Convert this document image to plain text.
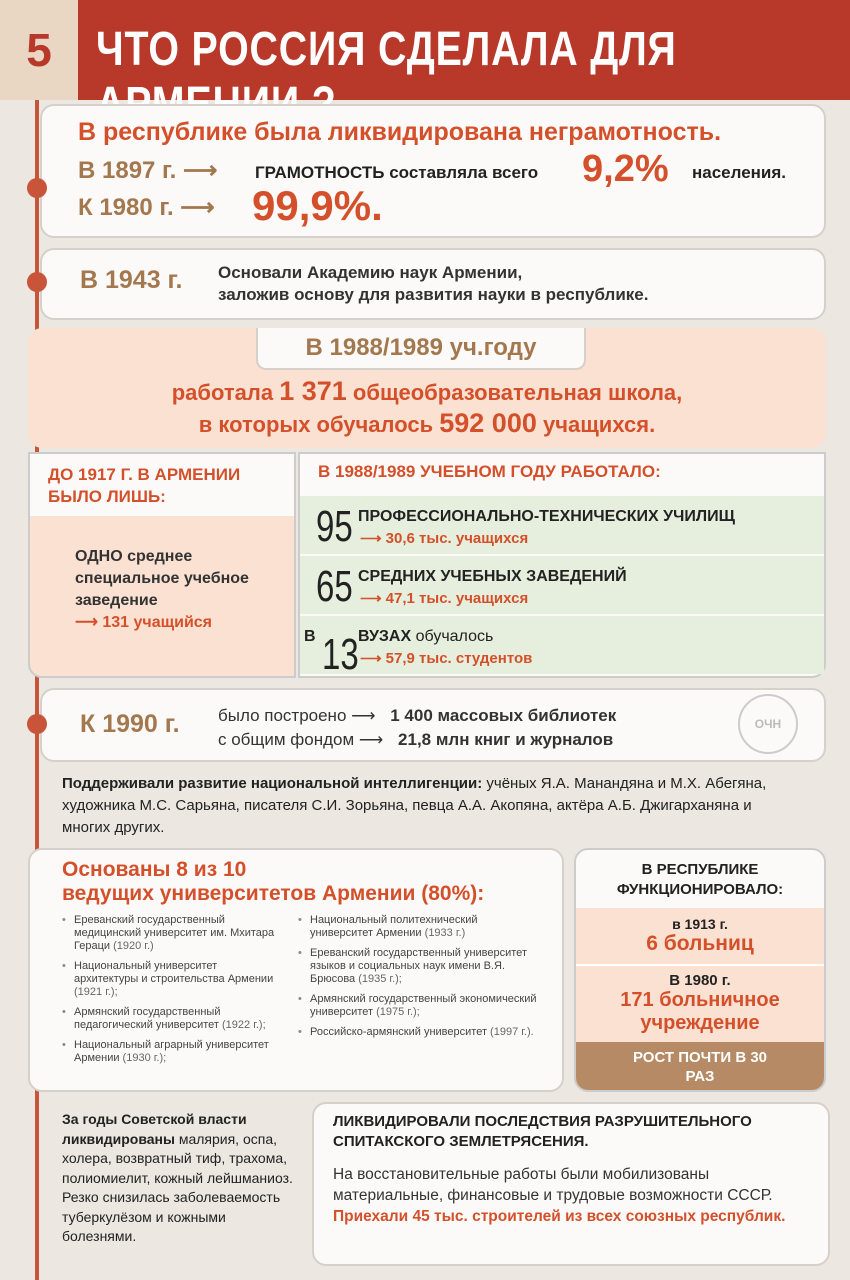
5 ЧТО РОССИЯ СДЕЛАЛА ДЛЯ
В республике была ликвидирована неграмотность.
В 1897 г. ⟶ ГРАМОТНОСТЬ составляла всего 9,2% населения.
К 1980 г. ⟶ 99,9%.
В 1943 г. Основали Академию наук Армении,
заложив основу для развития науки в республике.
В 1988/1989 уч.году
работала 1 371 общеобразовательная школа,
в которых обучалось 592 000 учащихся.
ДО 1917 Г. В АРМЕНИИ БЫЛО ЛИШЬ:
ОДНО среднее специальное учебное заведение
⟶ 131 учащийся
В 1988/1989 УЧЕБНОМ ГОДУ РАБОТАЛО:
95 ПРОФЕССИОНАЛЬНО-ТЕХНИЧЕСКИХ УЧИЛИЩ
⟶ 30,6 тыс. учащихся
65 СРЕДНИХ УЧЕБНЫХ ЗАВЕДЕНИЙ
⟶ 47,1 тыс. учащихся
В 13 ВУЗАХ обучалось
⟶ 57,9 тыс. студентов
К 1990 г. было построено ⟶ 1 400 массовых библиотек
с общим фондом ⟶ 21,8 млн книг и журналов
ОЧН
Поддерживали развитие национальной интеллигенции: учёных Я.А. Манандяна и М.Х. Абегяна, художника М.С. Сарьяна, писателя С.И. Зорьяна, певца А.А. Акопяна, актёра А.Б. Джигарханяна и многих других.
Основаны 8 из 10
ведущих университетов Армении (80%):
• Ереванский государственный медицинский университет им. Мхитара Гераци (1920 г.)
• Национальный университет архитектуры и строительства Армении (1921 г.);
• Армянский государственный педагогический университет (1922 г.);
• Национальный аграрный университет Армении (1930 г.);
• Национальный политехнический университет Армении (1933 г.)
• Ереванский государственный университет языков и социальных наук имени В.Я. Брюсова (1935 г.);
• Армянский государственный экономический университет (1975 г.);
• Российско-армянский университет (1997 г.).
В РЕСПУБЛИКЕ ФУНКЦИОНИРОВАЛО:
в 1913 г.
6 больниц
В 1980 г.
171 больничное учреждение
РОСТ ПОЧТИ В 30 РАЗ
За годы Советской власти ликвидированы малярия, оспа, холера, возвратный тиф, трахома, полиомиелит, кожный лейшманиоз. Резко снизилась заболеваемость туберкулёзом и кожными болезнями.
ЛИКВИДИРОВАЛИ ПОСЛЕДСТВИЯ РАЗРУШИТЕЛЬНОГО СПИТАКСКОГО ЗЕМЛЕТРЯСЕНИЯ.
На восстановительные работы были мобилизованы материальные, финансовые и трудовые возможности СССР. Приехали 45 тыс. строителей из всех союзных республик.
